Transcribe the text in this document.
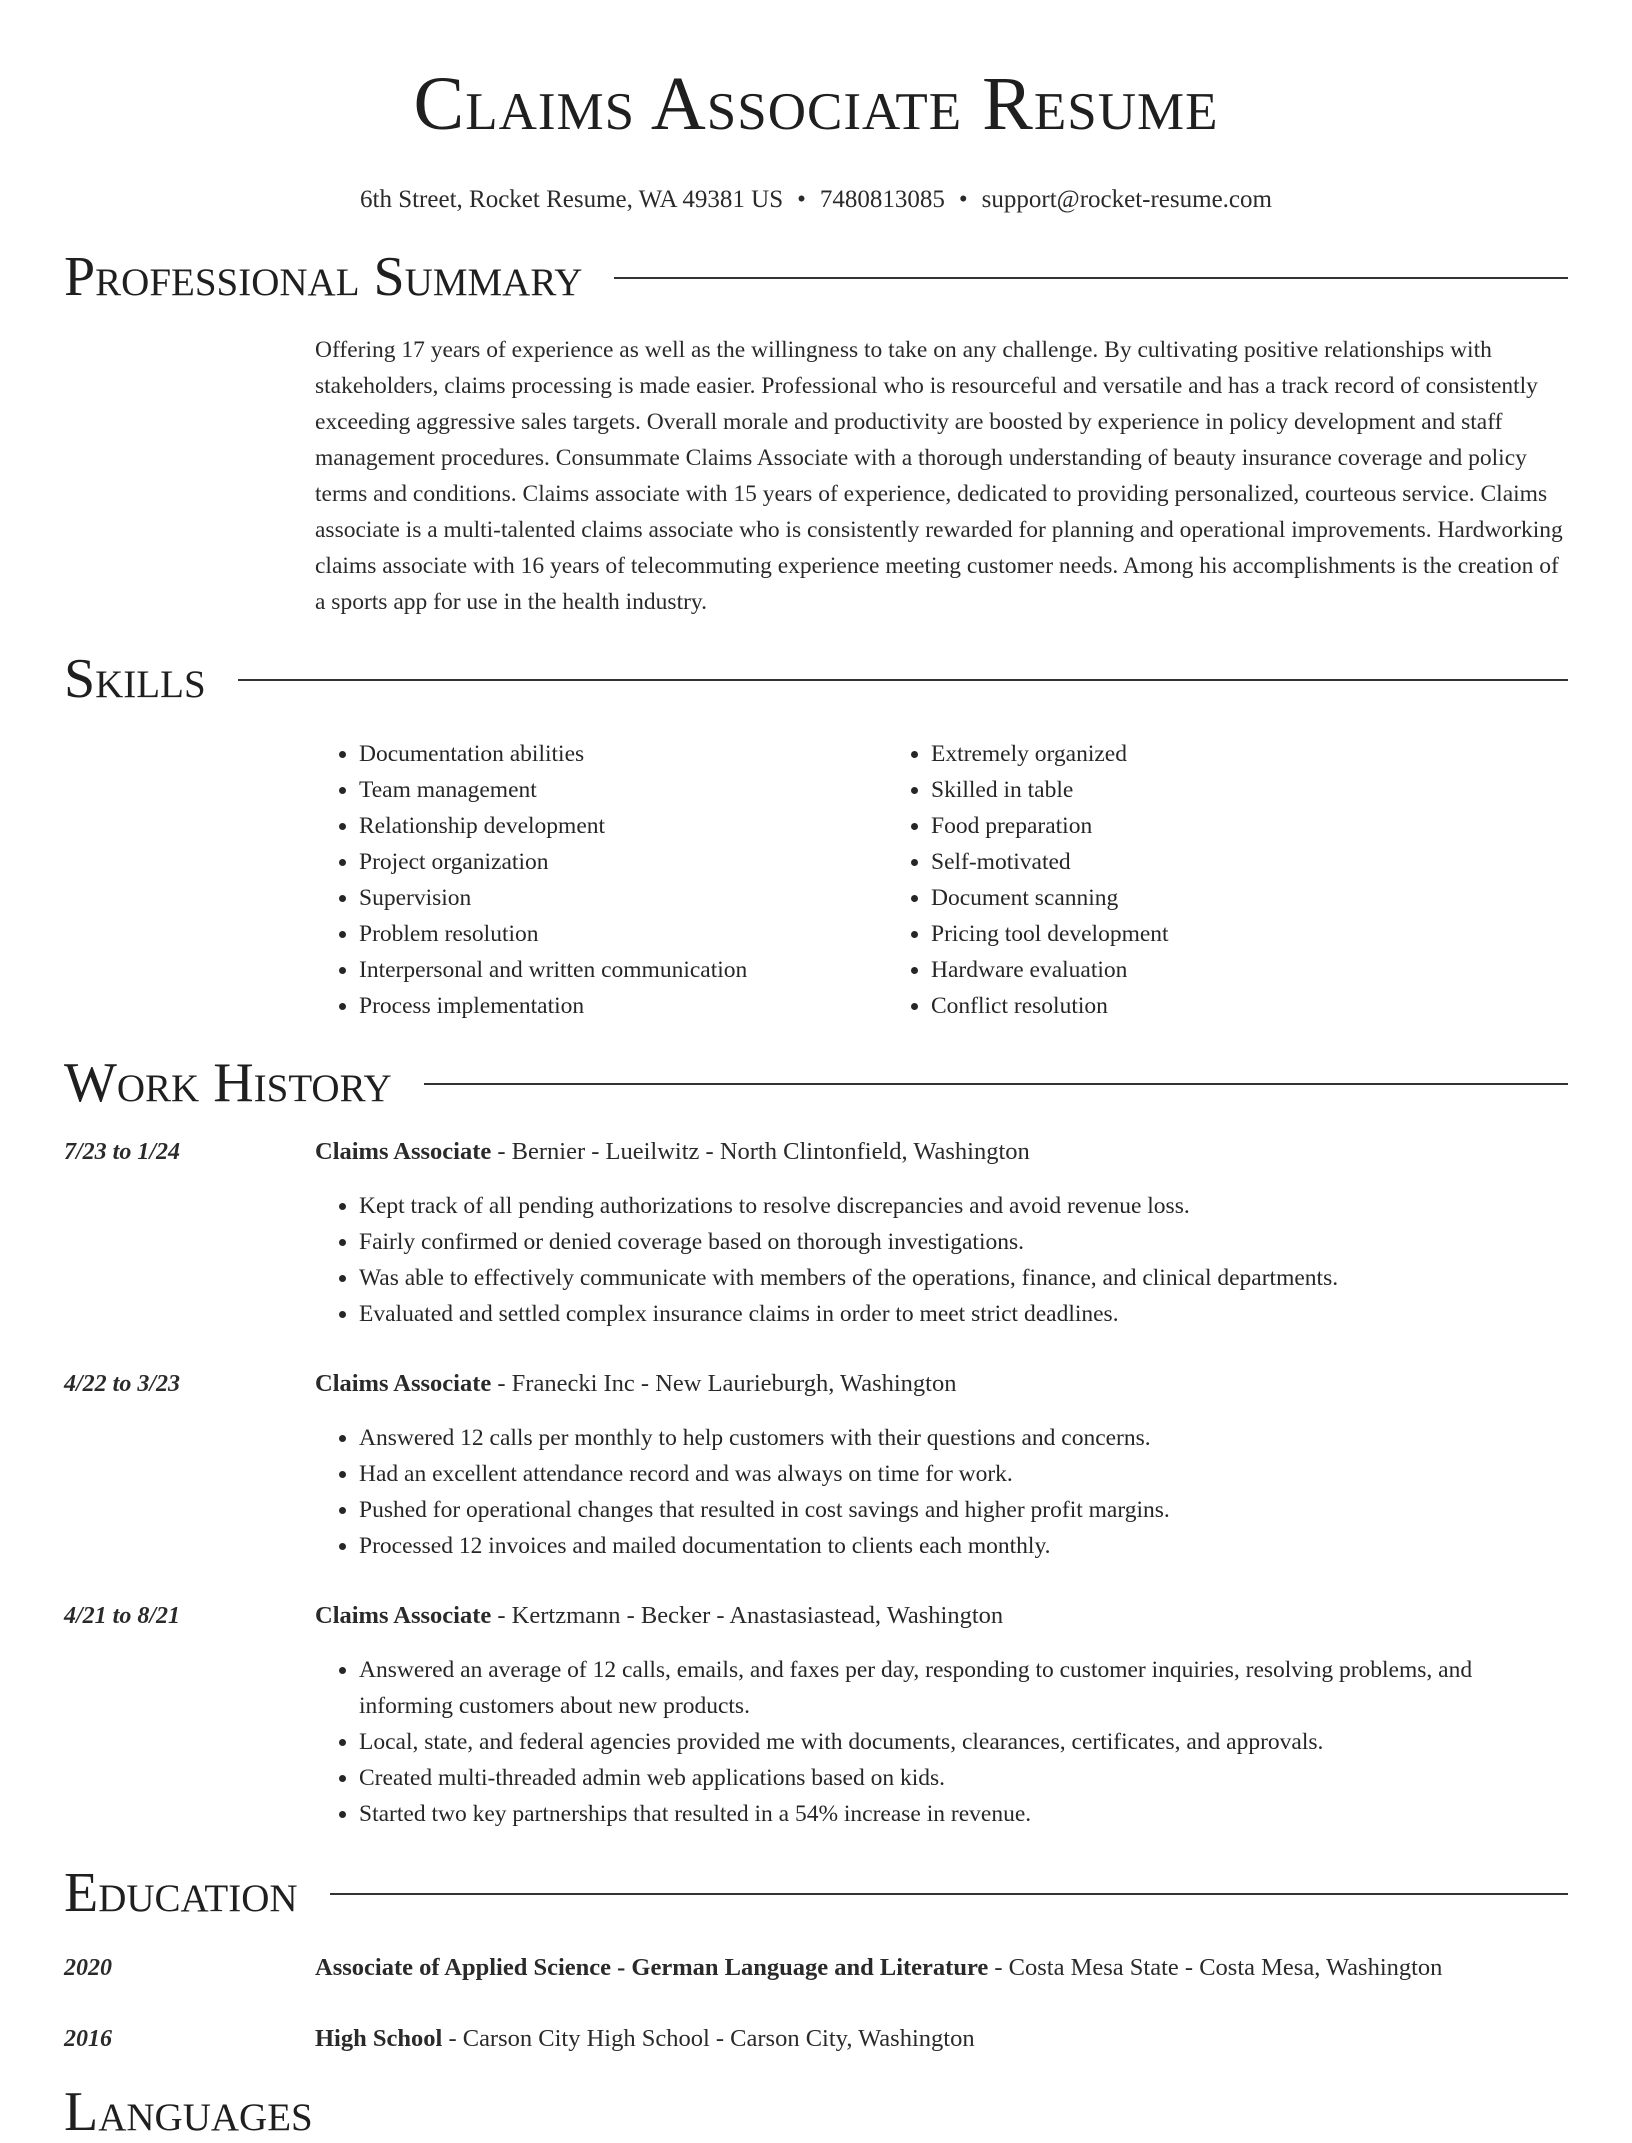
Claims Associate Resume
6th Street, Rocket Resume, WA 49381 US • 7480813085 • support@rocket-resume.com
Professional Summary
Offering 17 years of experience as well as the willingness to take on any challenge. By cultivating positive relationships with stakeholders, claims processing is made easier. Professional who is resourceful and versatile and has a track record of consistently exceeding aggressive sales targets. Overall morale and productivity are boosted by experience in policy development and staff management procedures. Consummate Claims Associate with a thorough understanding of beauty insurance coverage and policy terms and conditions. Claims associate with 15 years of experience, dedicated to providing personalized, courteous service. Claims associate is a multi-talented claims associate who is consistently rewarded for planning and operational improvements. Hardworking claims associate with 16 years of telecommuting experience meeting customer needs. Among his accomplishments is the creation of a sports app for use in the health industry.
Skills
• Documentation abilities
• Team management
• Relationship development
• Project organization
• Supervision
• Problem resolution
• Interpersonal and written communication
• Process implementation
• Extremely organized
• Skilled in table
• Food preparation
• Self-motivated
• Document scanning
• Pricing tool development
• Hardware evaluation
• Conflict resolution
Work History
7/23 to 1/24	Claims Associate - Bernier - Lueilwitz - North Clintonfield, Washington
• Kept track of all pending authorizations to resolve discrepancies and avoid revenue loss.
• Fairly confirmed or denied coverage based on thorough investigations.
• Was able to effectively communicate with members of the operations, finance, and clinical departments.
• Evaluated and settled complex insurance claims in order to meet strict deadlines.
4/22 to 3/23	Claims Associate - Franecki Inc - New Laurieburgh, Washington
• Answered 12 calls per monthly to help customers with their questions and concerns.
• Had an excellent attendance record and was always on time for work.
• Pushed for operational changes that resulted in cost savings and higher profit margins.
• Processed 12 invoices and mailed documentation to clients each monthly.
4/21 to 8/21	Claims Associate - Kertzmann - Becker - Anastasiastead, Washington
• Answered an average of 12 calls, emails, and faxes per day, responding to customer inquiries, resolving problems, and informing customers about new products.
• Local, state, and federal agencies provided me with documents, clearances, certificates, and approvals.
• Created multi-threaded admin web applications based on kids.
• Started two key partnerships that resulted in a 54% increase in revenue.
Education
2020	Associate of Applied Science - German Language and Literature - Costa Mesa State - Costa Mesa, Washington
2016	High School - Carson City High School - Carson City, Washington
Languages
